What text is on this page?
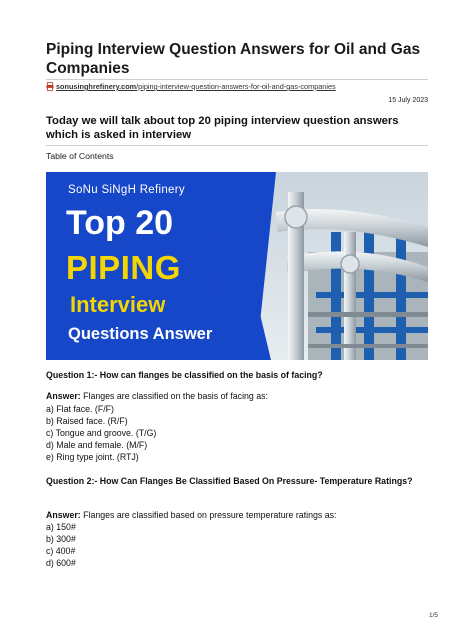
Piping Interview Question Answers for Oil and Gas Companies
sonusinghrefinery.com/piping-interview-question-answers-for-oil-and-gas-companies
15 July 2023
Today we will talk about top 20 piping interview question answers which is asked in interview
Table of Contents
SoNu SiNgH Refinery
Top 20
PIPING
Interview
Questions Answer
Question 1:- How can flanges be classified on the basis of facing?
Answer: Flanges are classified on the basis of facing as:
a) Flat face. (F/F)
b) Raised face. (R/F)
c) Tongue and groove. (T/G)
d) Male and female. (M/F)
e) Ring type joint. (RTJ)
Question 2:- How Can Flanges Be Classified Based On Pressure- Temperature Ratings?
Answer: Flanges are classified based on pressure temperature ratings as:
a) 150#
b) 300#
c) 400#
d) 600#
1/5
